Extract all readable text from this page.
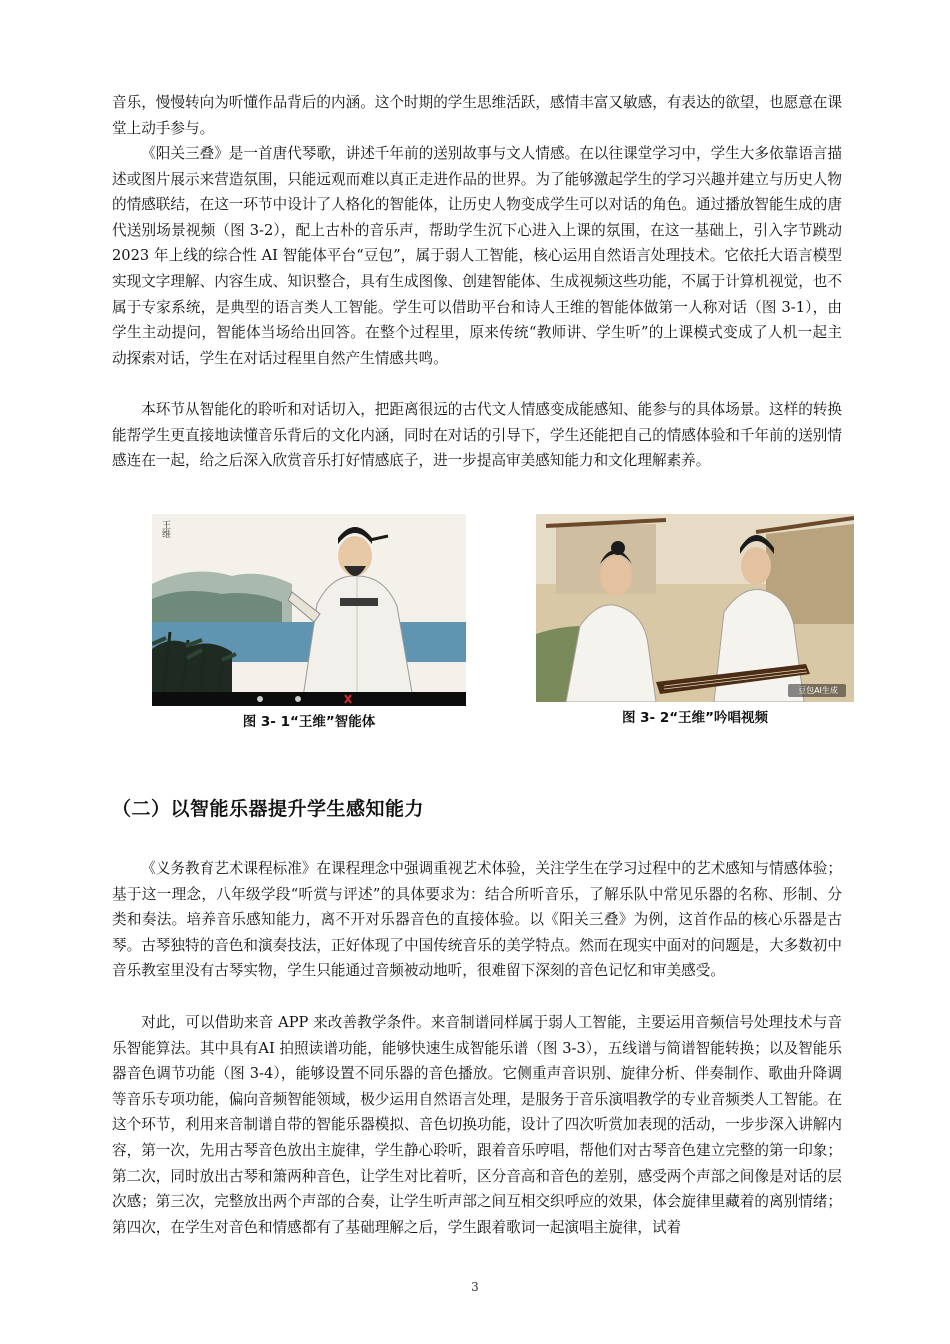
音乐，慢慢转向为听懂作品背后的内涵。这个时期的学生思维活跃，感情丰富又敏感，有表达的欲望，也愿意在课堂上动手参与。

《阳关三叠》是一首唐代琴歌，讲述千年前的送别故事与文人情感。在以往课堂学习中，学生大多依靠语言描述或图片展示来营造氛围，只能远观而难以真正走进作品的世界。为了能够激起学生的学习兴趣并建立与历史人物的情感联结，在这一环节中设计了人格化的智能体，让历史人物变成学生可以对话的角色。通过播放智能生成的唐代送别场景视频（图 3-2），配上古朴的音乐声，帮助学生沉下心进入上课的氛围，在这一基础上，引入字节跳动 2023 年上线的综合性 AI 智能体平台“豆包”，属于弱人工智能，核心运用自然语言处理技术。它依托大语言模型实现文字理解、内容生成、知识整合，具有生成图像、创建智能体、生成视频这些功能，不属于计算机视觉，也不属于专家系统，是典型的语言类人工智能。学生可以借助平台和诗人王维的智能体做第一人称对话（图 3-1），由学生主动提问，智能体当场给出回答。在整个过程里，原来传统“教师讲、学生听”的上课模式变成了人机一起主动探索对话，学生在对话过程里自然产生情感共鸣。

本环节从智能化的聆听和对话切入，把距离很远的古代文人情感变成能感知、能参与的具体场景。这样的转换能帮学生更直接地读懂音乐背后的文化内涵，同时在对话的引导下，学生还能把自己的情感体验和千年前的送别情感连在一起，给之后深入欣赏音乐打好情感底子，进一步提高审美感知能力和文化理解素养。

王维
图 3- 1“王维”智能体
豆包AI生成
图 3- 2“王维”吟唱视频
（二）以智能乐器提升学生感知能力

《义务教育艺术课程标准》在课程理念中强调重视艺术体验，关注学生在学习过程中的艺术感知与情感体验；基于这一理念，八年级学段“听赏与评述”的具体要求为：结合所听音乐，了解乐队中常见乐器的名称、形制、分类和奏法。培养音乐感知能力，离不开对乐器音色的直接体验。以《阳关三叠》为例，这首作品的核心乐器是古琴。古琴独特的音色和演奏技法，正好体现了中国传统音乐的美学特点。然而在现实中面对的问题是，大多数初中音乐教室里没有古琴实物，学生只能通过音频被动地听，很难留下深刻的音色记忆和审美感受。

对此，可以借助来音 APP 来改善教学条件。来音制谱同样属于弱人工智能，主要运用音频信号处理技术与音乐智能算法。其中具有AI 拍照读谱功能，能够快速生成智能乐谱（图 3-3），五线谱与简谱智能转换；以及智能乐器音色调节功能（图 3-4），能够设置不同乐器的音色播放。它侧重声音识别、旋律分析、伴奏制作、歌曲升降调等音乐专项功能，偏向音频智能领域，极少运用自然语言处理，是服务于音乐演唱教学的专业音频类人工智能。在这个环节，利用来音制谱自带的智能乐器模拟、音色切换功能，设计了四次听赏加表现的活动，一步步深入讲解内容，第一次，先用古琴音色放出主旋律，学生静心聆听，跟着音乐哼唱，帮他们对古琴音色建立完整的第一印象；第二次，同时放出古琴和箫两种音色，让学生对比着听，区分音高和音色的差别，感受两个声部之间像是对话的层次感；第三次，完整放出两个声部的合奏，让学生听声部之间互相交织呼应的效果，体会旋律里藏着的离别情绪；第四次，在学生对音色和情感都有了基础理解之后，学生跟着歌词一起演唱主旋律，试着

3
